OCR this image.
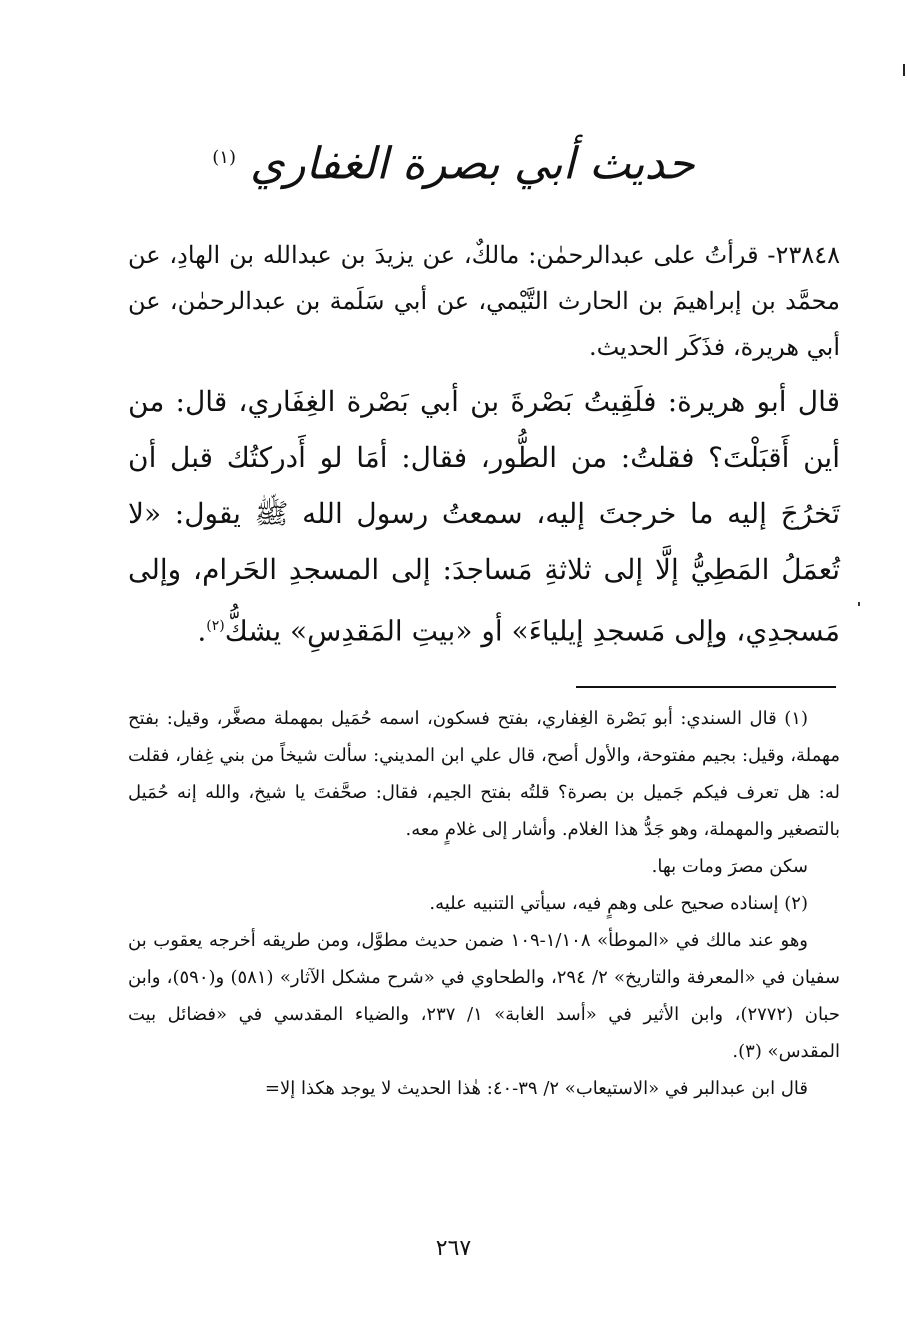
حديث أبي بصرة الغفاري $^{(١)}$
٢٣٨٤٨- قرأتُ على عبدالرحمٰن: مالكٌ، عن يزيدَ بن عبدالله بن الهادِ، عن محمَّد بن إبراهيمَ بن الحارث التَّيْمي، عن أبي سَلَمة بن عبدالرحمٰن، عن أبي هريرة، فذَكَر الحديث.
قال أبو هريرة: فلَقِيتُ بَصْرةَ بن أبي بَصْرة الغِفَاري، قال: من أين أَقبَلْتَ؟ فقلتُ: من الطُّور، فقال: أمَا لو أَدركتُك قبل أن تَخرُجَ إليه ما خرجتَ إليه، سمعتُ رسول الله ﷺ يقول: «لا تُعمَلُ المَطِيُّ إلَّا إلى ثلاثةِ مَساجدَ: إلى المسجدِ الحَرام، وإلى مَسجدِي، وإلى مَسجدِ إيلياءَ» أو «بيتِ المَقدِسِ» يشكُّ$^{(٢)}$.

(١) قال السندي: أبو بَصْرة الغِفاري، بفتح فسكون، اسمه حُمَيل بمهملة مصغَّر، وقيل: بفتح مهملة، وقيل: بجيم مفتوحة، والأول أصح، قال علي ابن المديني: سألت شيخاً من بني غِفار، فقلت له: هل تعرف فيكم جَميل بن بصرة؟ قلتُه بفتح الجيم، فقال: صحَّفتَ يا شيخ، والله إنه حُمَيل بالتصغير والمهملة، وهو جَدُّ هذا الغلام. وأشار إلى غلامٍ معه.

سكن مصرَ ومات بها.

(٢) إسناده صحيح على وهمٍ فيه، سيأتي التنبيه عليه.

وهو عند مالك في «الموطأ» ١/١٠٨-١٠٩ ضمن حديث مطوَّل، ومن طريقه أخرجه يعقوب بن سفيان في «المعرفة والتاريخ» ٢/ ٢٩٤، والطحاوي في «شرح مشكل الآثار» (٥٨١) و(٥٩٠)، وابن حبان (٢٧٧٢)، وابن الأثير في «أسد الغابة» ١/ ٢٣٧، والضياء المقدسي في «فضائل بيت المقدس» (٣).

قال ابن عبدالبر في «الاستيعاب» ٢/ ٣٩-٤٠: هٰذا الحديث لا يوجد هكذا إلا=

٢٦٧
